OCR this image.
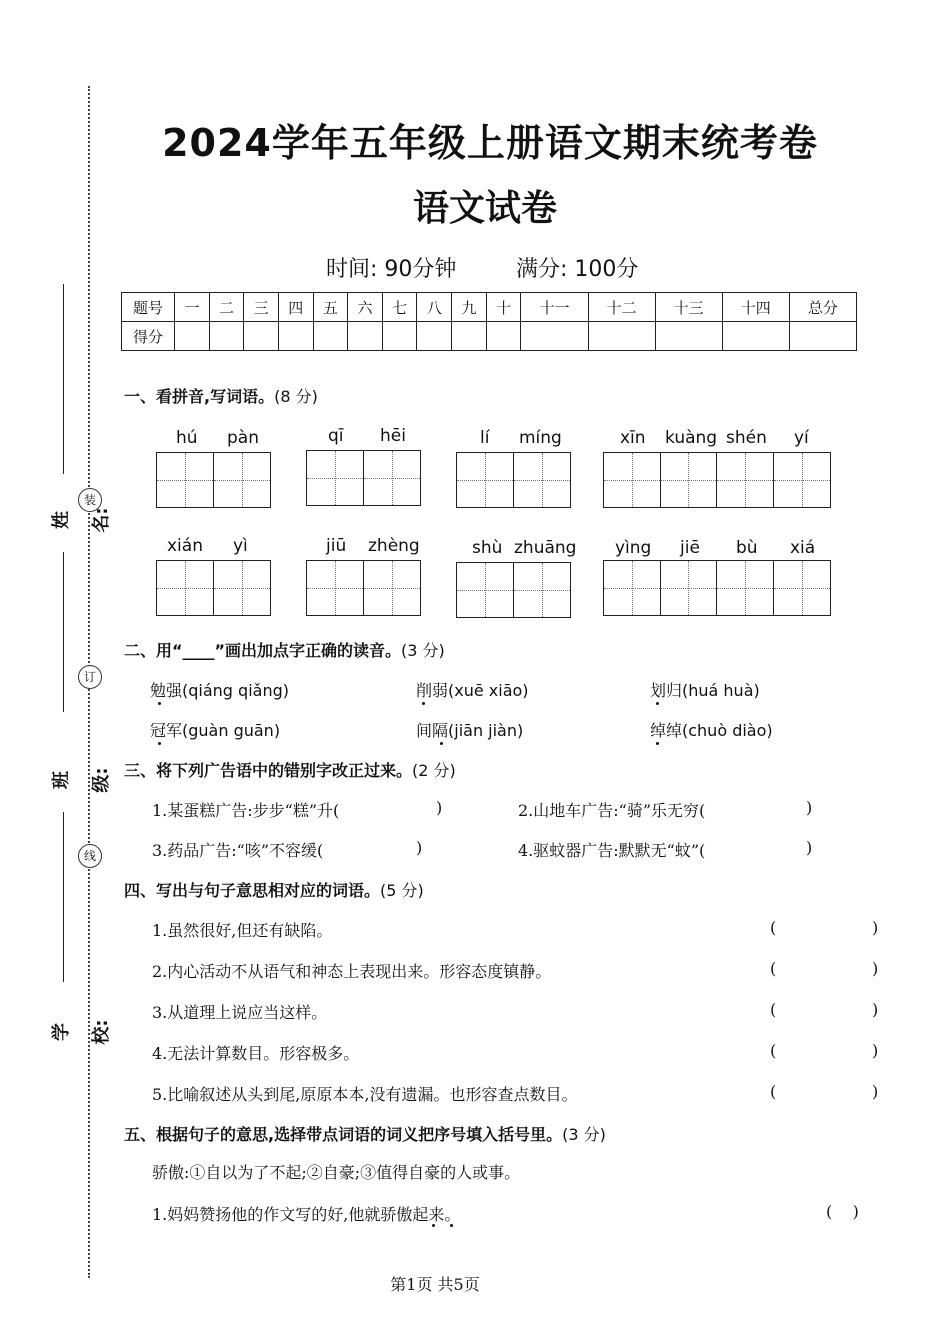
装
订
线
姓名:
班级:
学校:
2024学年五年级上册语文期末统考卷
语文试卷
时间: 90分钟	满分: 100分
题号	一	二	三	四	五	六	七	八	九	十	十一	十二	十三	十四	总分
得分															
一、看拼音,写词语。(8 分)
hú pàn	qī hēi	lí míng	xīn kuàng shén yí
xián yì	jiū zhèng	shù zhuāng yìng jiē bù xiá
二、用“____”画出加点字正确的读音。(3 分)
勉强(qiáng qiǎng)	削弱(xuē xiāo)	划归(huá huà)
冠军(guàn guān)	间隔(jiān jiàn)	绰绰(chuò diào)
三、将下列广告语中的错别字改正过来。(2 分)
1.某蛋糕广告:步步“糕”升(	)	2.山地车广告:“骑”乐无穷(	)
3.药品广告:“咳”不容缓(	)	4.驱蚊器广告:默默无“蚊”(	)
四、写出与句子意思相对应的词语。(5 分)
1.虽然很好,但还有缺陷。	(	)
2.内心活动不从语气和神态上表现出来。形容态度镇静。	(	)
3.从道理上说应当这样。	(	)
4.无法计算数目。形容极多。	(	)
5.比喻叙述从头到尾,原原本本,没有遗漏。也形容查点数目。	(	)
五、根据句子的意思,选择带点词语的词义把序号填入括号里。(3 分)
骄傲:①自以为了不起;②自豪;③值得自豪的人或事。
1.妈妈赞扬他的作文写的好,他就骄傲起来。	(    )
第1页 共5页
